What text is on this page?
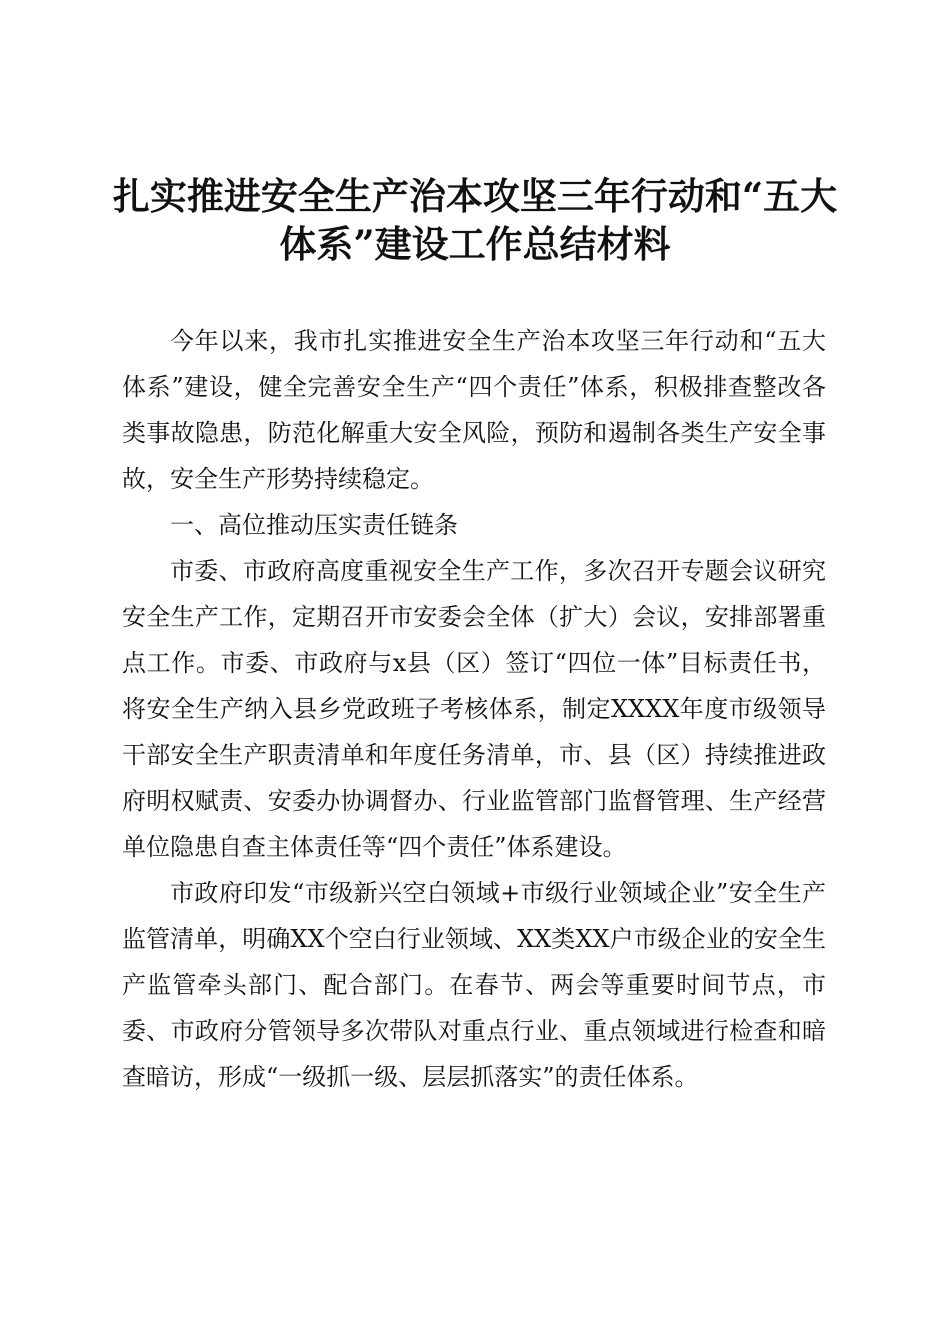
扎实推进安全生产治本攻坚三年行动和“五大
体系”建设工作总结材料

今年以来，我市扎实推进安全生产治本攻坚三年行动和“五大体系”建设，健全完善安全生产“四个责任”体系，积极排查整改各类事故隐患，防范化解重大安全风险，预防和遏制各类生产安全事故，安全生产形势持续稳定。

一、高位推动压实责任链条

市委、市政府高度重视安全生产工作，多次召开专题会议研究安全生产工作，定期召开市安委会全体（扩大）会议，安排部署重点工作。市委、市政府与x县（区）签订“四位一体”目标责任书，将安全生产纳入县乡党政班子考核体系，制定XXXX年度市级领导干部安全生产职责清单和年度任务清单，市、县（区）持续推进政府明权赋责、安委办协调督办、行业监管部门监督管理、生产经营单位隐患自查主体责任等“四个责任”体系建设。

市政府印发“市级新兴空白领域+市级行业领域企业”安全生产监管清单，明确XX个空白行业领域、XX类XX户市级企业的安全生产监管牵头部门、配合部门。在春节、两会等重要时间节点，市委、市政府分管领导多次带队对重点行业、重点领域进行检查和暗查暗访，形成“一级抓一级、层层抓落实”的责任体系。
